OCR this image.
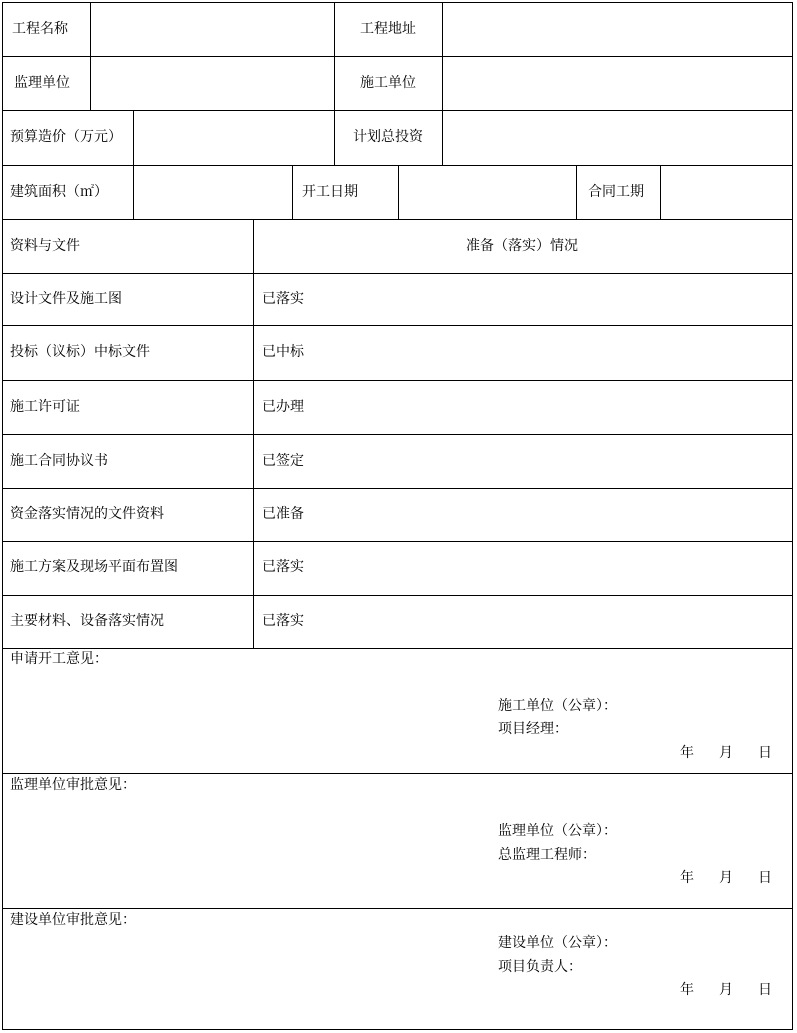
工程名称	工程地址
监理单位	施工单位
预算造价（万元）	计划总投资
建筑面积（㎡）	开工日期	合同工期
资料与文件	准备（落实）情况
设计文件及施工图	已落实
投标（议标）中标文件	已中标
施工许可证	已办理
施工合同协议书	已签定
资金落实情况的文件资料	已准备
施工方案及现场平面布置图	已落实
主要材料、设备落实情况	已落实
申请开工意见：
施工单位（公章）：
项目经理：
年 月 日
监理单位审批意见：
监理单位（公章）：
总监理工程师：
年 月 日
建设单位审批意见：
建设单位（公章）：
项目负责人：
年 月 日
